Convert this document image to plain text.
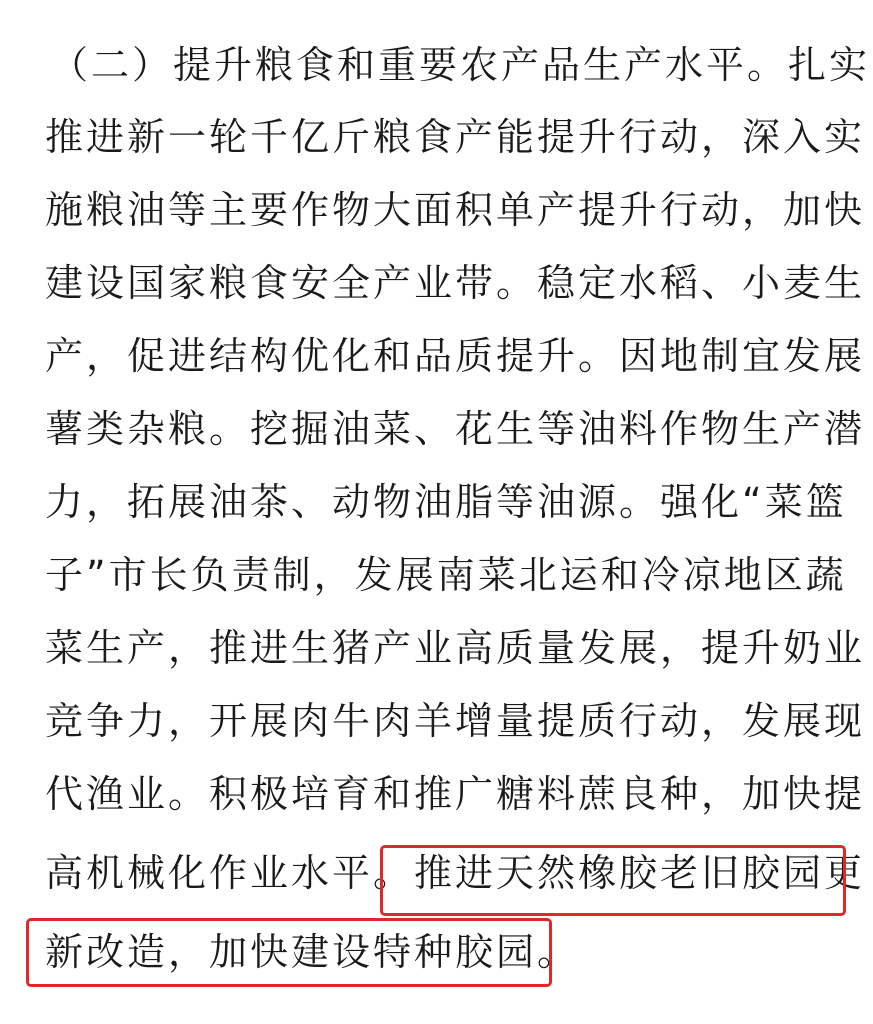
（二）提升粮食和重要农产品生产水平。扎实
推进新一轮千亿斤粮食产能提升行动，深入实
施粮油等主要作物大面积单产提升行动，加快
建设国家粮食安全产业带。稳定水稻、小麦生
产，促进结构优化和品质提升。因地制宜发展
薯类杂粮。挖掘油菜、花生等油料作物生产潜
力，拓展油茶、动物油脂等油源。强化“菜篮
子”市长负责制，发展南菜北运和冷凉地区蔬
菜生产，推进生猪产业高质量发展，提升奶业
竞争力，开展肉牛肉羊增量提质行动，发展现
代渔业。积极培育和推广糖料蔗良种，加快提
高机械化作业水平。推进天然橡胶老旧胶园更
新改造，加快建设特种胶园。
